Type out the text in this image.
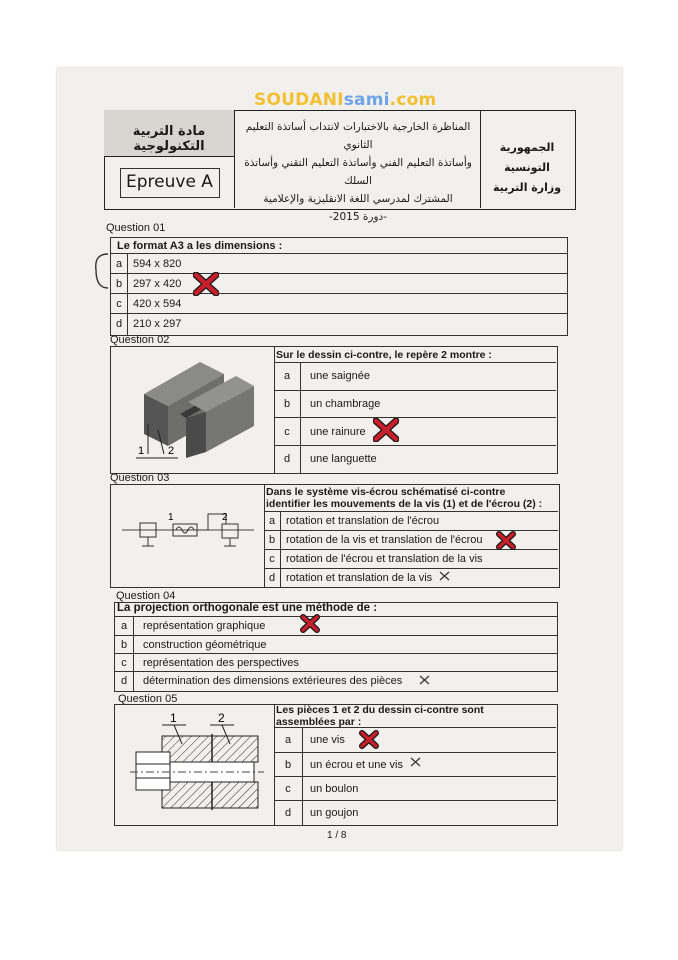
SOUDANIsami.com
مادة التربية التكنولوجية
Epreuve A
المناظرة الخارجية بالاختبارات لانتداب أساتذة التعليم الثانوي
وأساتذة التعليم الفني وأساتذة التعليم التقني وأساتذة السلك
المشترك لمدرسي اللغة الانقليزية والإعلامية
-دورة 2015-
الجمهورية التونسية
وزارة التربية
Question 01
Le format A3 a les dimensions :
a 594 x 820
b 297 x 420
c	420 x 594
d 210 x 297
Question 02
Sur le dessin ci-contre, le repère 2 montre :
a	une saignée
b	un chambrage
c	une rainure
d	une languette
1 2
Question 03
Dans le système vis-écrou schématisé ci-contre
identifier les mouvements de la vis (1) et de l'écrou (2) :
a rotation et translation de l'écrou
b rotation de la vis et translation de l'écrou
c	rotation de l'écrou et translation de la vis
d rotation et translation de la vis
1	2
Question 04
La projection orthogonale est une méthode de :
a	représentation graphique
b	construction géométrique
c	représentation des perspectives
d	détermination des dimensions extérieures des pièces
Question 05
Les pièces 1 et 2 du dessin ci-contre sont
assemblées par :
a	une vis
b	un écrou et une vis
c	un boulon
d	un goujon
1	2
1 / 8
